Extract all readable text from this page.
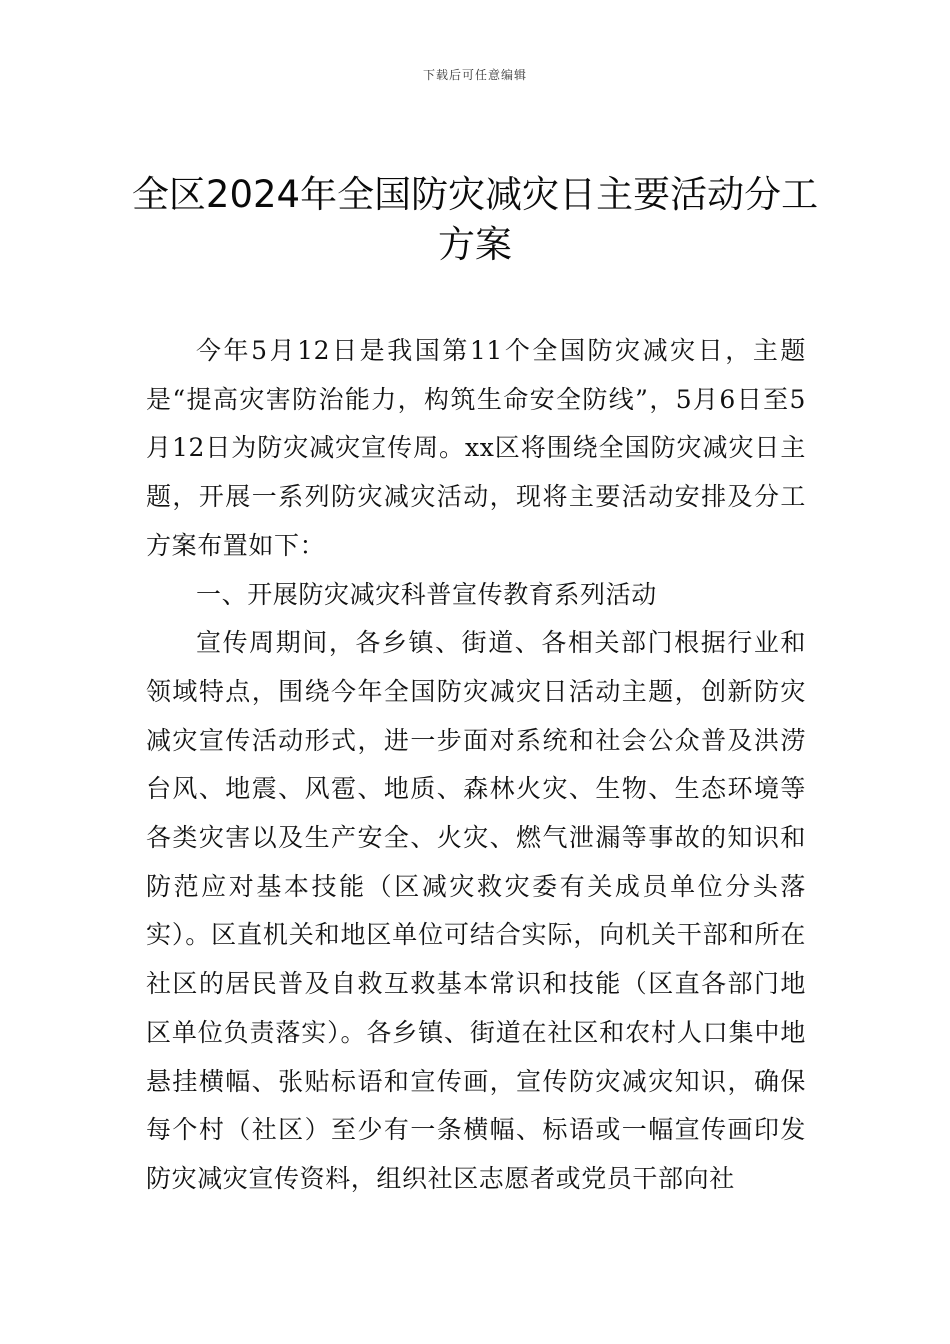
下载后可任意编辑
全区2024年全国防灾减灾日主要活动分工方案

今年5月12日是我国第11个全国防灾减灾日，主题是“提高灾害防治能力，构筑生命安全防线”，5月6日至5月12日为防灾减灾宣传周。xx区将围绕全国防灾减灾日主题，开展一系列防灾减灾活动，现将主要活动安排及分工方案布置如下：

一、开展防灾减灾科普宣传教育系列活动

宣传周期间，各乡镇、街道、各相关部门根据行业和领域特点，围绕今年全国防灾减灾日活动主题，创新防灾减灾宣传活动形式，进一步面对系统和社会公众普及洪涝台风、地震、风雹、地质、森林火灾、生物、生态环境等各类灾害以及生产安全、火灾、燃气泄漏等事故的知识和防范应对基本技能（区减灾救灾委有关成员单位分头落实）。区直机关和地区单位可结合实际，向机关干部和所在社区的居民普及自救互救基本常识和技能（区直各部门地区单位负责落实）。各乡镇、街道在社区和农村人口集中地悬挂横幅、张贴标语和宣传画，宣传防灾减灾知识，确保每个村（社区）至少有一条横幅、标语或一幅宣传画印发防灾减灾宣传资料，组织社区志愿者或党员干部向社
